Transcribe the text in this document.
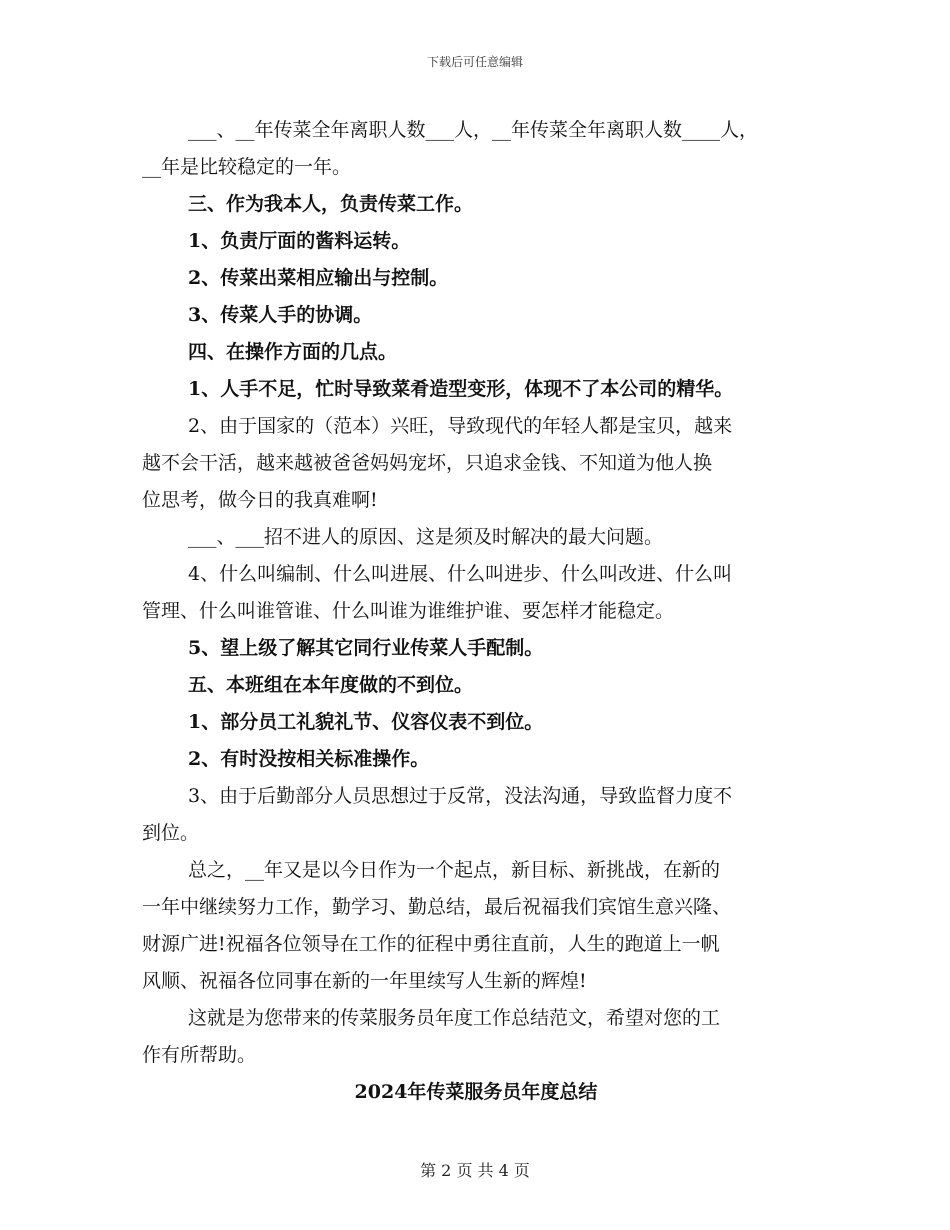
下载后可任意编辑
___、__年传菜全年离职人数___人，__年传菜全年离职人数____人，
__年是比较稳定的一年。
三、作为我本人，负责传菜工作。
1、负责厅面的酱料运转。
2、传菜出菜相应输出与控制。
3、传菜人手的协调。
四、在操作方面的几点。
1、人手不足，忙时导致菜肴造型变形，体现不了本公司的精华。
2、由于国家的（范本）兴旺，导致现代的年轻人都是宝贝，越来
越不会干活，越来越被爸爸妈妈宠坏，只追求金钱、不知道为他人换
位思考，做今日的我真难啊!
___、___招不进人的原因、这是须及时解决的最大问题。
4、什么叫编制、什么叫进展、什么叫进步、什么叫改进、什么叫
管理、什么叫谁管谁、什么叫谁为谁维护谁、要怎样才能稳定。
5、望上级了解其它同行业传菜人手配制。
五、本班组在本年度做的不到位。
1、部分员工礼貌礼节、仪容仪表不到位。
2、有时没按相关标准操作。
3、由于后勤部分人员思想过于反常，没法沟通，导致监督力度不
到位。
总之，__年又是以今日作为一个起点，新目标、新挑战，在新的
一年中继续努力工作，勤学习、勤总结，最后祝福我们宾馆生意兴隆、
财源广进!祝福各位领导在工作的征程中勇往直前，人生的跑道上一帆
风顺、祝福各位同事在新的一年里续写人生新的辉煌!
这就是为您带来的传菜服务员年度工作总结范文，希望对您的工
作有所帮助。
2024年传菜服务员年度总结
第 2 页 共 4 页
